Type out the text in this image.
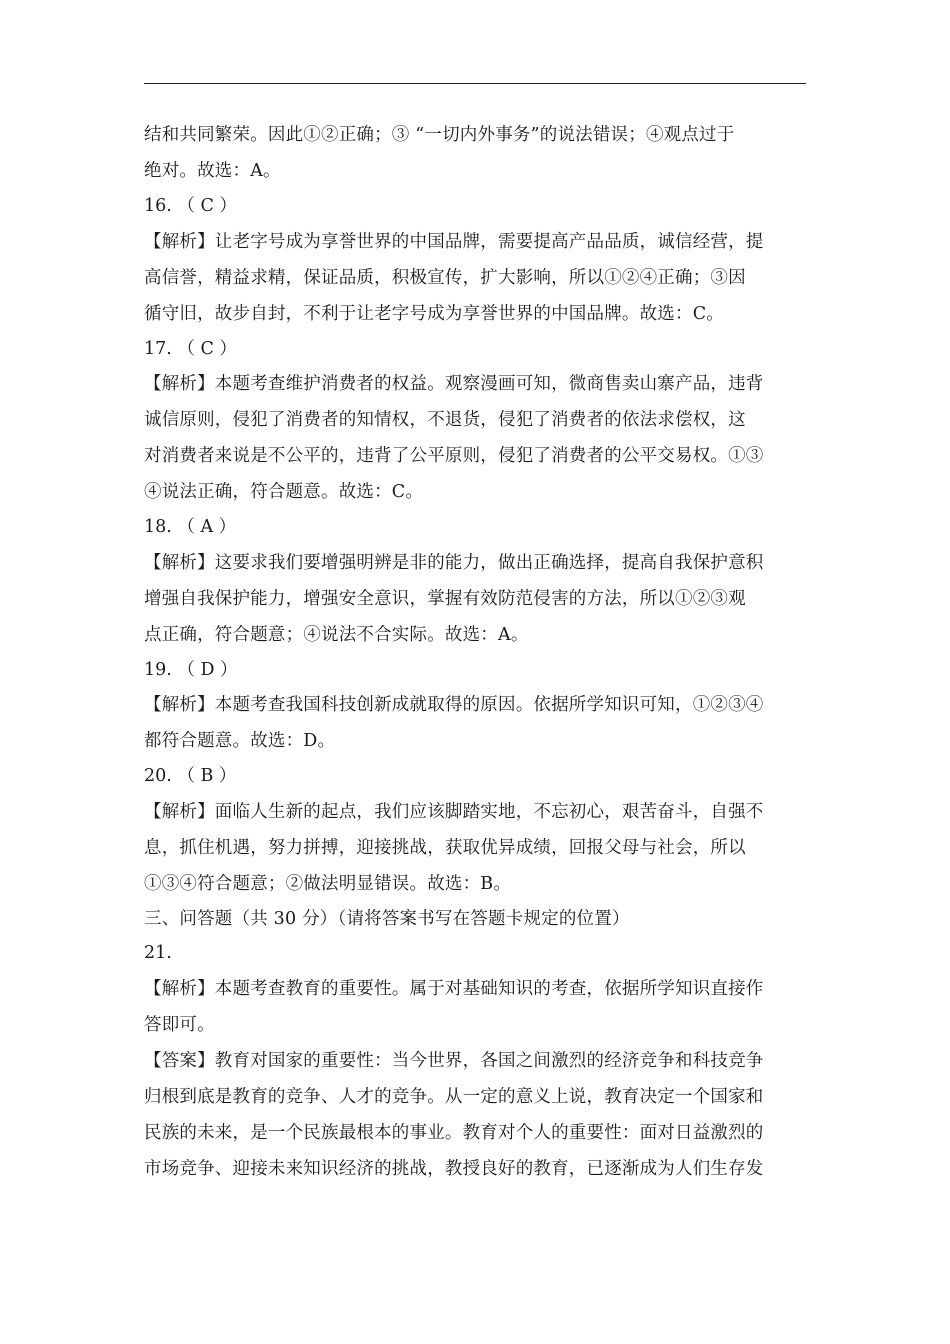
结和共同繁荣。因此①②正确；③ “一切内外事务”的说法错误；④观点过于
绝对。故选：A。
16. （ C ）
【解析】让老字号成为享誉世界的中国品牌，需要提高产品品质，诚信经营，提
高信誉，精益求精，保证品质，积极宣传，扩大影响，所以①②④正确；③因
循守旧，故步自封，不利于让老字号成为享誉世界的中国品牌。故选：C。
17. （ C ）
【解析】本题考查维护消费者的权益。观察漫画可知，微商售卖山寨产品，违背
诚信原则，侵犯了消费者的知情权，不退货，侵犯了消费者的依法求偿权，这
对消费者来说是不公平的，违背了公平原则，侵犯了消费者的公平交易权。①③
④说法正确，符合题意。故选：C。
18. （ A ）
【解析】这要求我们要增强明辨是非的能力，做出正确选择，提高自我保护意积
增强自我保护能力，增强安全意识，掌握有效防范侵害的方法，所以①②③观
点正确，符合题意；④说法不合实际。故选：A。
19. （ D ）
【解析】本题考查我国科技创新成就取得的原因。依据所学知识可知，①②③④
都符合题意。故选：D。
20. （ B ）
【解析】面临人生新的起点，我们应该脚踏实地，不忘初心，艰苦奋斗，自强不
息，抓住机遇，努力拼搏，迎接挑战，获取优异成绩，回报父母与社会，所以
①③④符合题意；②做法明显错误。故选：B。
三、问答题（共 30 分）（请将答案书写在答题卡规定的位置）
21.
【解析】本题考查教育的重要性。属于对基础知识的考查，依据所学知识直接作
答即可。
【答案】教育对国家的重要性：当今世界，各国之间激烈的经济竞争和科技竞争
归根到底是教育的竞争、人才的竞争。从一定的意义上说，教育决定一个国家和
民族的未来，是一个民族最根本的事业。教育对个人的重要性：面对日益激烈的
市场竞争、迎接未来知识经济的挑战，教授良好的教育，已逐渐成为人们生存发
